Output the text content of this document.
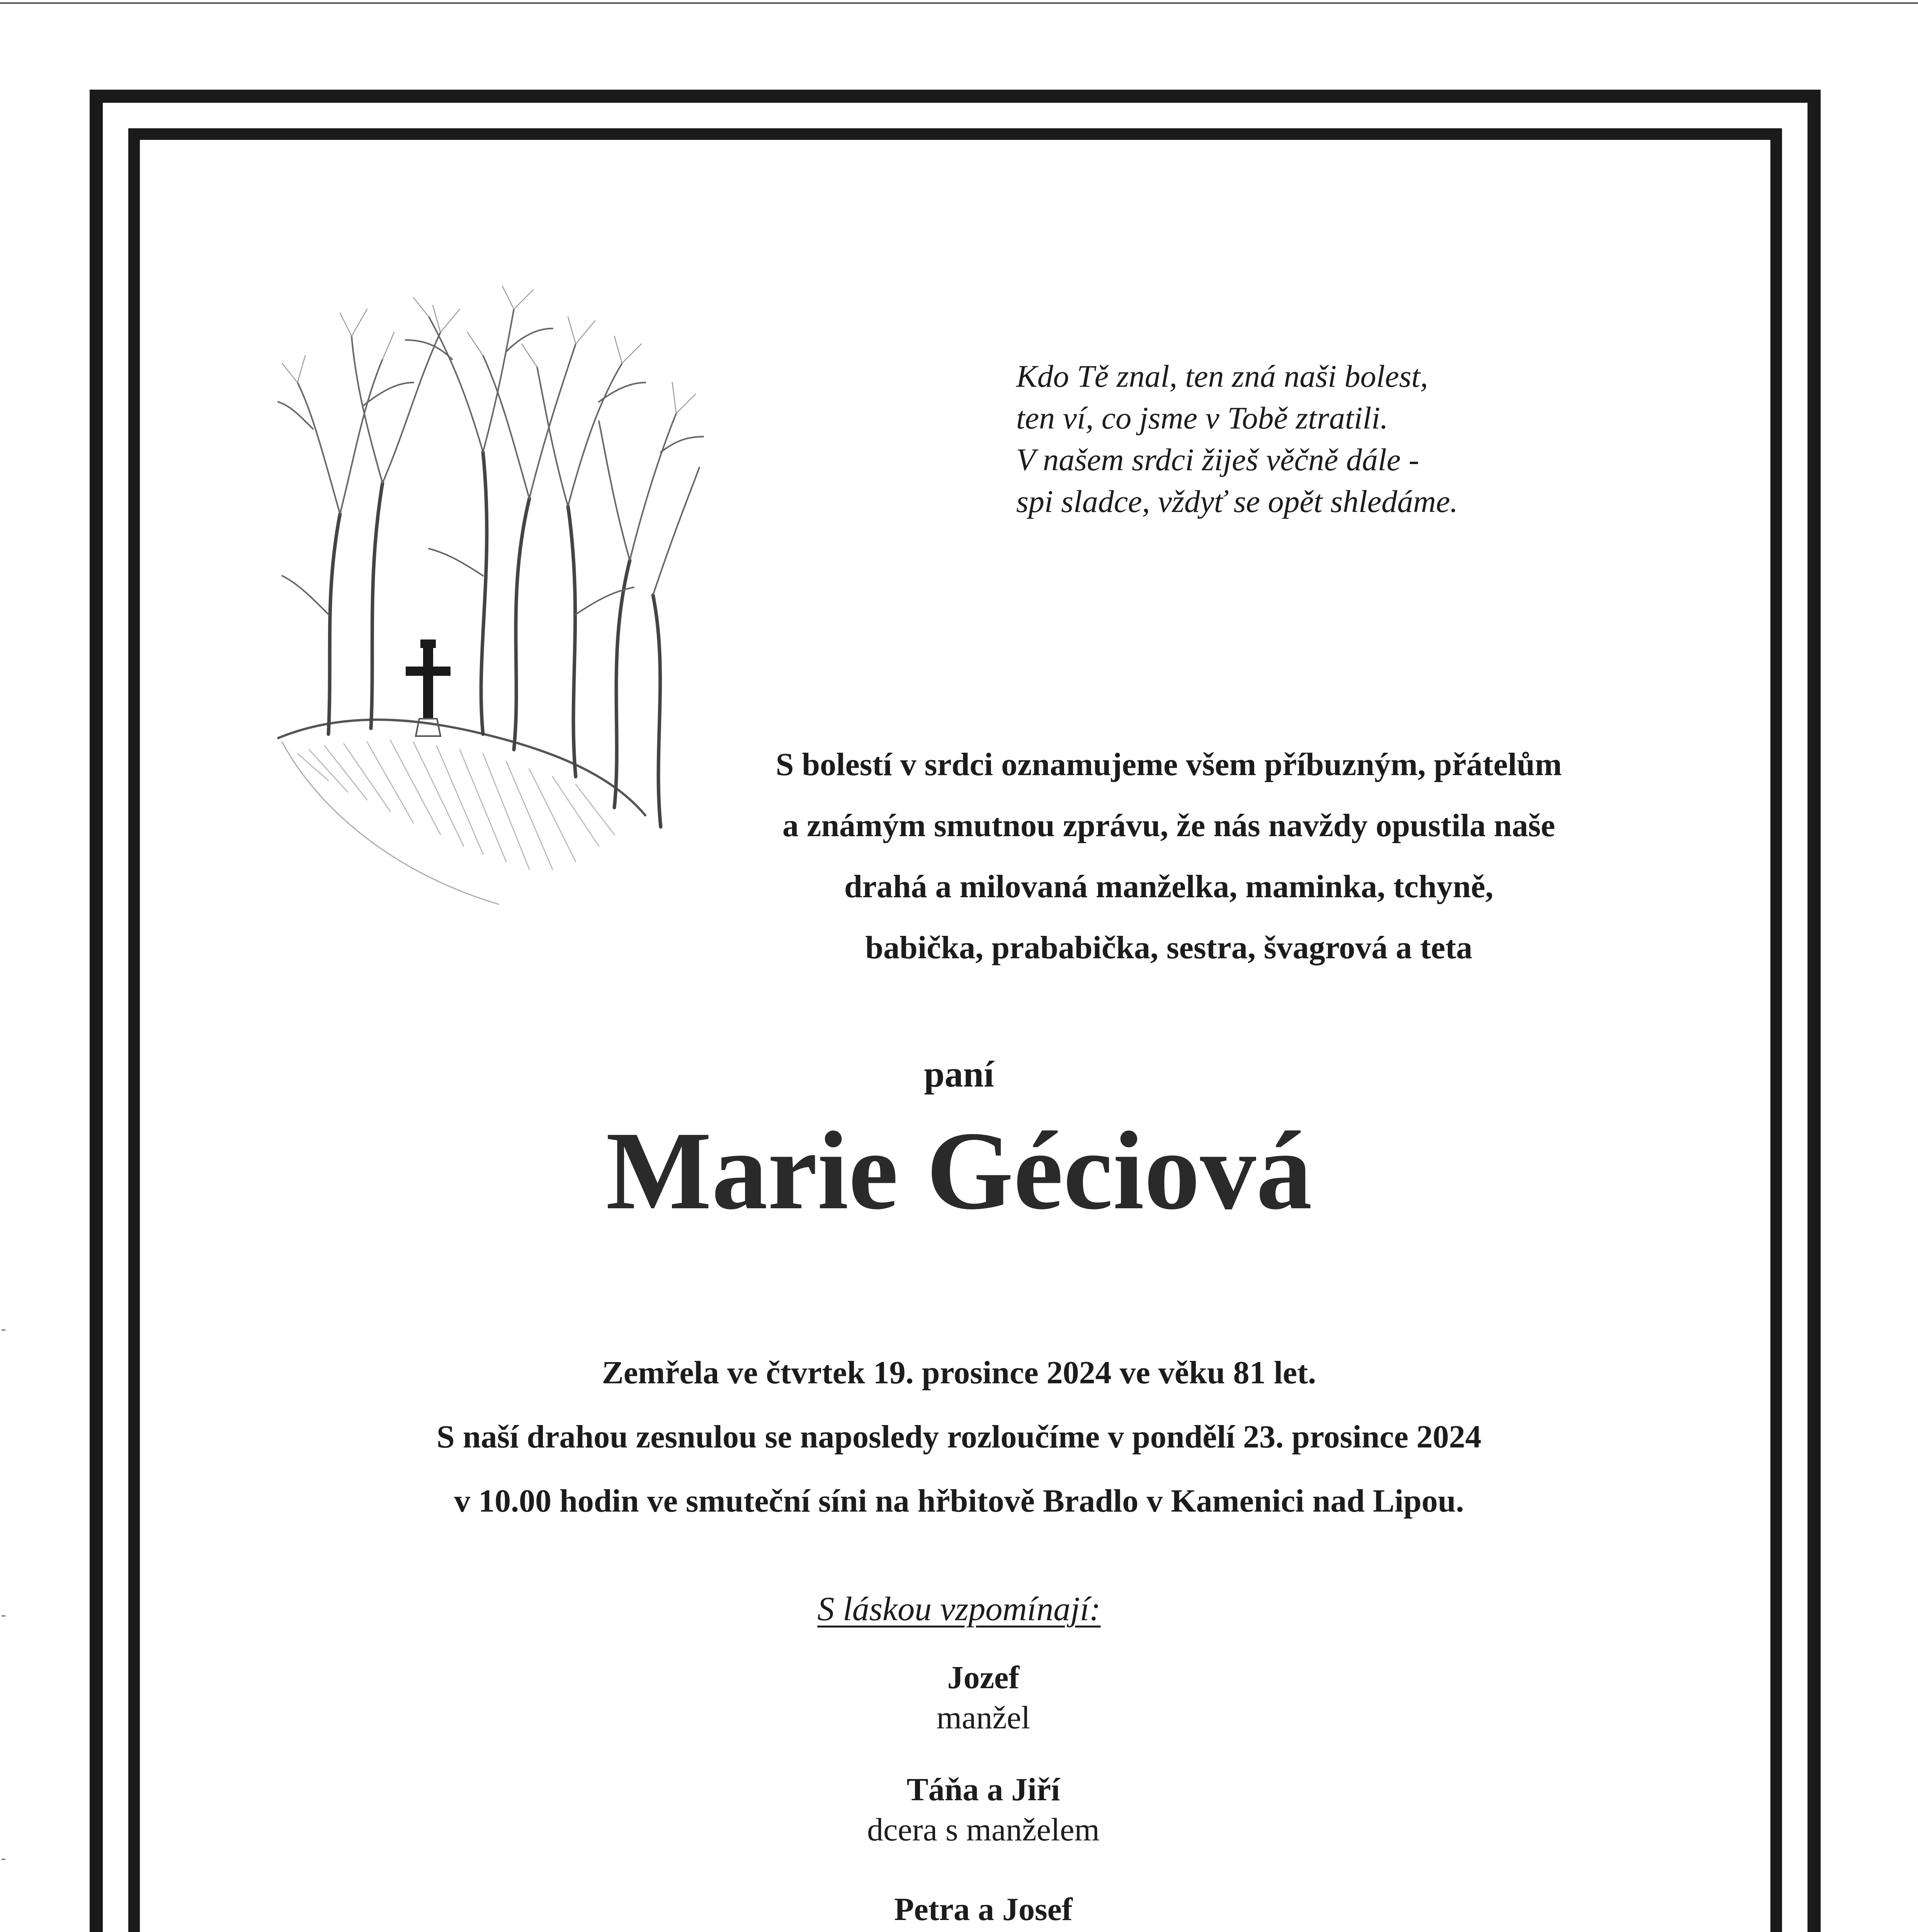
Kdo Tě znal, ten zná naši bolest,
ten ví, co jsme v Tobě ztratili.
V našem srdci žiješ věčně dále -
spi sladce, vždyť se opět shledáme.
S bolestí v srdci oznamujeme všem příbuzným, přátelům
a známým smutnou zprávu, že nás navždy opustila naše
drahá a milovaná manželka, maminka, tchyně,
babička, prababička, sestra, švagrová a teta
paní
Marie Géciová
Zemřela ve čtvrtek 19. prosince 2024 ve věku 81 let.
S naší drahou zesnulou se naposledy rozloučíme v pondělí 23. prosince 2024
v 10.00 hodin ve smuteční síni na hřbitově Bradlo v Kamenici nad Lipou.
S láskou vzpomínají:
Jozef
manžel
Táňa a Jiří
dcera s manželem
Petra a Josef
